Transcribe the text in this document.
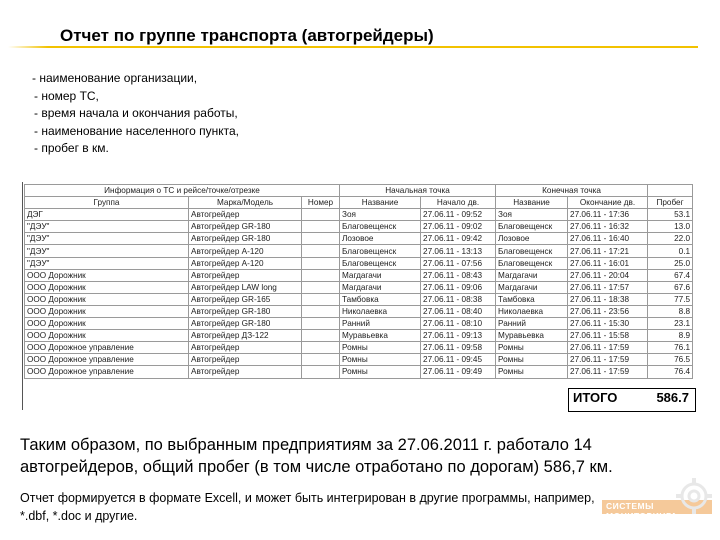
Отчет по группе транспорта (автогрейдеры)
- наименование организации,
- номер ТС,
- время начала и окончания работы,
- наименование населенного пункта,
- пробег в км.
Информация о ТС и рейсе/точке/отрезке			Начальная точка		Конечная точка		
Группа	Марка/Модель	Номер	Название	Начало дв.	Название	Окончание дв.	Пробег
ДЭГ	Автогрейдер		Зоя	27.06.11 - 09:52	Зоя	27.06.11 - 17:36	53.1
"ДЭУ"	Автогрейдер GR-180		Благовещенск	27.06.11 - 09:02	Благовещенск	27.06.11 - 16:32	13.0
"ДЭУ"	Автогрейдер GR-180		Лозовое	27.06.11 - 09:42	Лозовое	27.06.11 - 16:40	22.0
"ДЭУ"	Автогрейдер А-120		Благовещенск	27.06.11 - 13:13	Благовещенск	27.06.11 - 17:21	0.1
"ДЭУ"	Автогрейдер А-120		Благовещенск	27.06.11 - 07:56	Благовещенск	27.06.11 - 16:01	25.0
ООО Дорожник	Автогрейдер		Магдагачи	27.06.11 - 08:43	Магдагачи	27.06.11 - 20:04	67.4
ООО Дорожник	Автогрейдер LAW long		Магдагачи	27.06.11 - 09:06	Магдагачи	27.06.11 - 17:57	67.6
ООО Дорожник	Автогрейдер GR-165		Тамбовка	27.06.11 - 08:38	Тамбовка	27.06.11 - 18:38	77.5
ООО Дорожник	Автогрейдер GR-180		Николаевка	27.06.11 - 08:40	Николаевка	27.06.11 - 23:56	8.8
ООО Дорожник	Автогрейдер GR-180		Ранний	27.06.11 - 08:10	Ранний	27.06.11 - 15:30	23.1
ООО Дорожник	Автогрейдер ДЗ-122		Муравьевка	27.06.11 - 09:13	Муравьевка	27.06.11 - 15:58	8.9
ООО Дорожное управление	Автогрейдер		Ромны	27.06.11 - 09:58	Ромны	27.06.11 - 17:59	76.1
ООО Дорожное управление	Автогрейдер		Ромны	27.06.11 - 09:45	Ромны	27.06.11 - 17:59	76.5
ООО Дорожное управление	Автогрейдер		Ромны	27.06.11 - 09:49	Ромны	27.06.11 - 17:59	76.4
ИТОГО	586.7
Таким образом, по выбранным предприятиям за 27.06.2011 г. работало 14 автогрейдеров, общий пробег (в том числе отработано по дорогам) 586,7 км.
Отчет формируется в формате Excell, и может быть интегрирован в другие программы, например, *.dbf, *.doc и другие.
СИСТЕМЫ МОНИТОРИНГА
